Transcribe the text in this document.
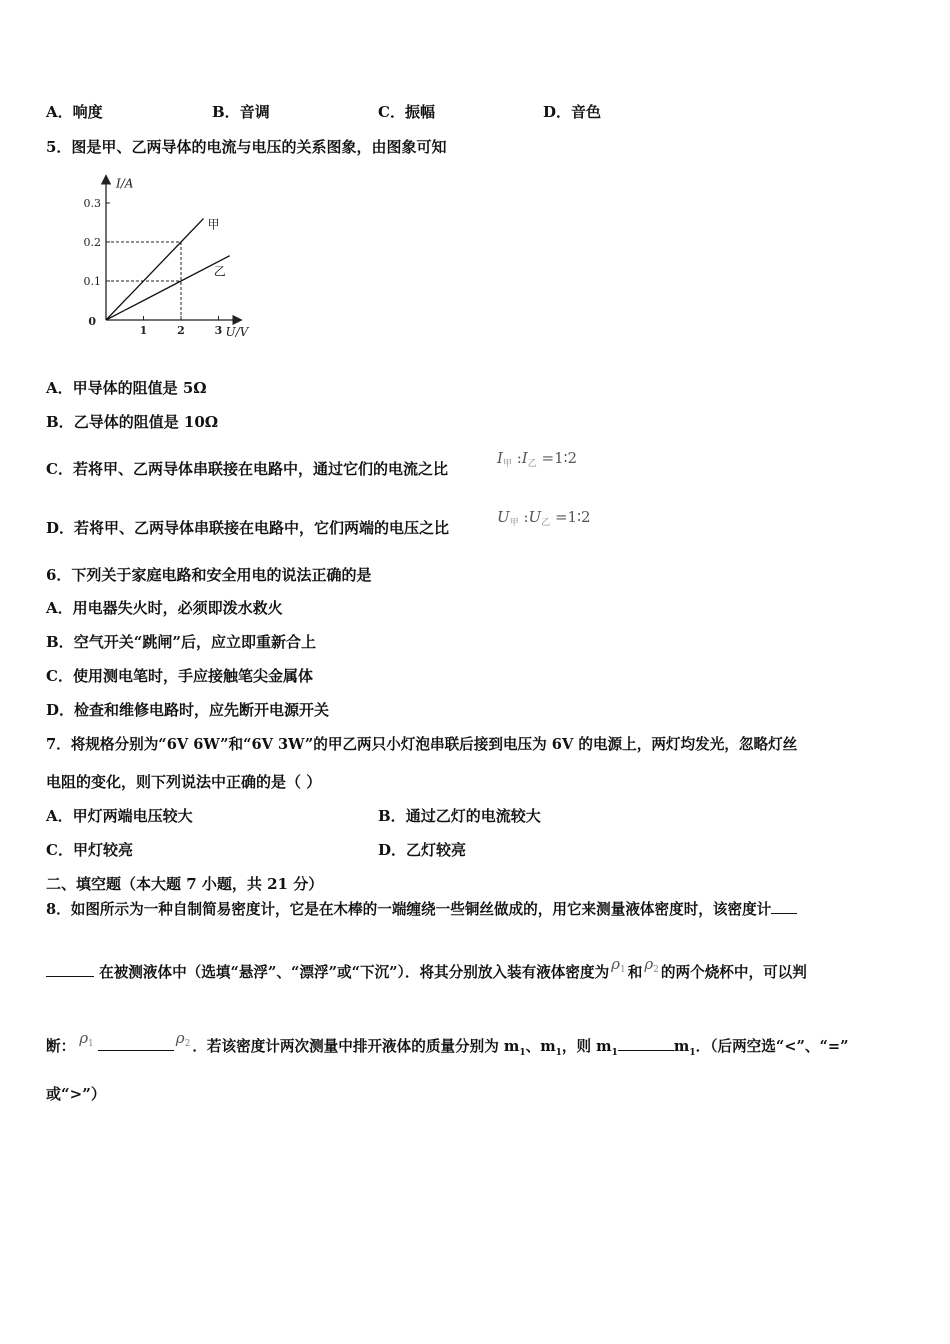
A．响度	B．音调	C．振幅	D．音色
5．图是甲、乙两导体的电流与电压的关系图象，由图象可知
1	2	3
0.1
0.2
0.3
0
I/A
U/V
甲
乙
A．甲导体的阻值是 5Ω
B．乙导体的阻值是 10Ω
C．若将甲、乙两导体串联接在电路中，通过它们的电流之比
$I_甲$ $:I_乙$ =1∶2
D．若将甲、乙两导体串联接在电路中，它们两端的电压之比
$U_甲$ $:U_乙$ =1∶2
6．下列关于家庭电路和安全用电的说法正确的是
A．用电器失火时，必须即泼水救火
B．空气开关“跳闸”后，应立即重新合上
C．使用测电笔时，手应接触笔尖金属体
D．检查和维修电路时，应先断开电源开关
7．将规格分别为“6V 6W”和“6V 3W”的甲乙两只小灯泡串联后接到电压为 6V 的电源上，两灯均发光，忽略灯丝
电阻的变化，则下列说法中正确的是（ ）
A．甲灯两端电压较大	B．通过乙灯的电流较大
C．甲灯较亮	D．乙灯较亮
二、填空题（本大题 7 小题，共 21 分）
8．如图所示为一种自制简易密度计，它是在木棒的一端缠绕一些铜丝做成的，用它来测量液体密度时，该密度计
在被测液体中（选填“悬浮”、“漂浮”或“下沉”）．将其分别放入装有液体密度为 $\rho_1$ 和 $\rho_2$ 的两个烧杯中，可以判
断： $\rho_1$	$\rho_2$ ．若该密度计两次测量中排开液体的质量分别为 $m_1$、$m_1$，则 $m_1$	$m_1$．（后两空选“<”、“=”
或“>”）
